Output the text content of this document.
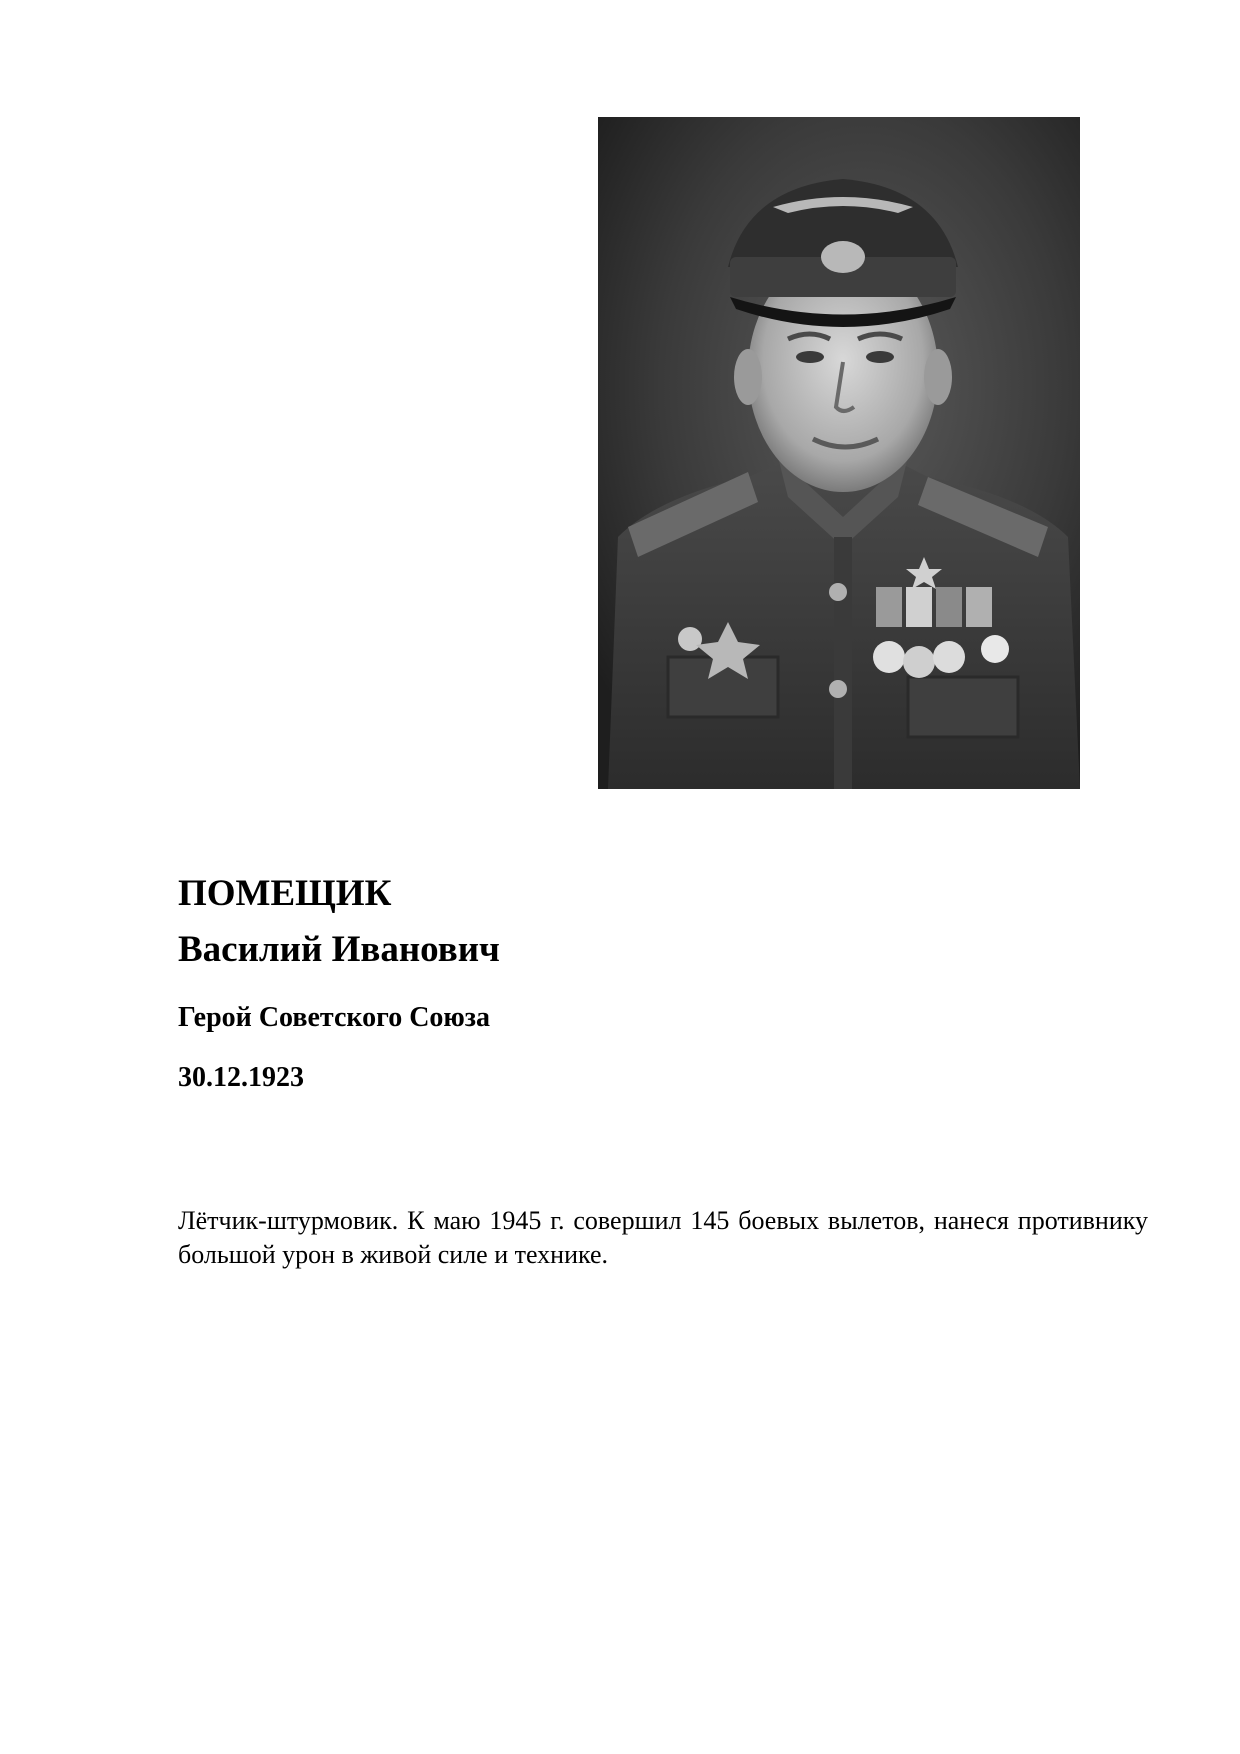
ПОМЕЩИК
Василий Иванович

Герой Советского Союза

30.12.1923

Лётчик-штурмовик. К маю 1945 г. совершил 145 боевых вылетов, нанеся противнику большой урон в живой силе и технике.
